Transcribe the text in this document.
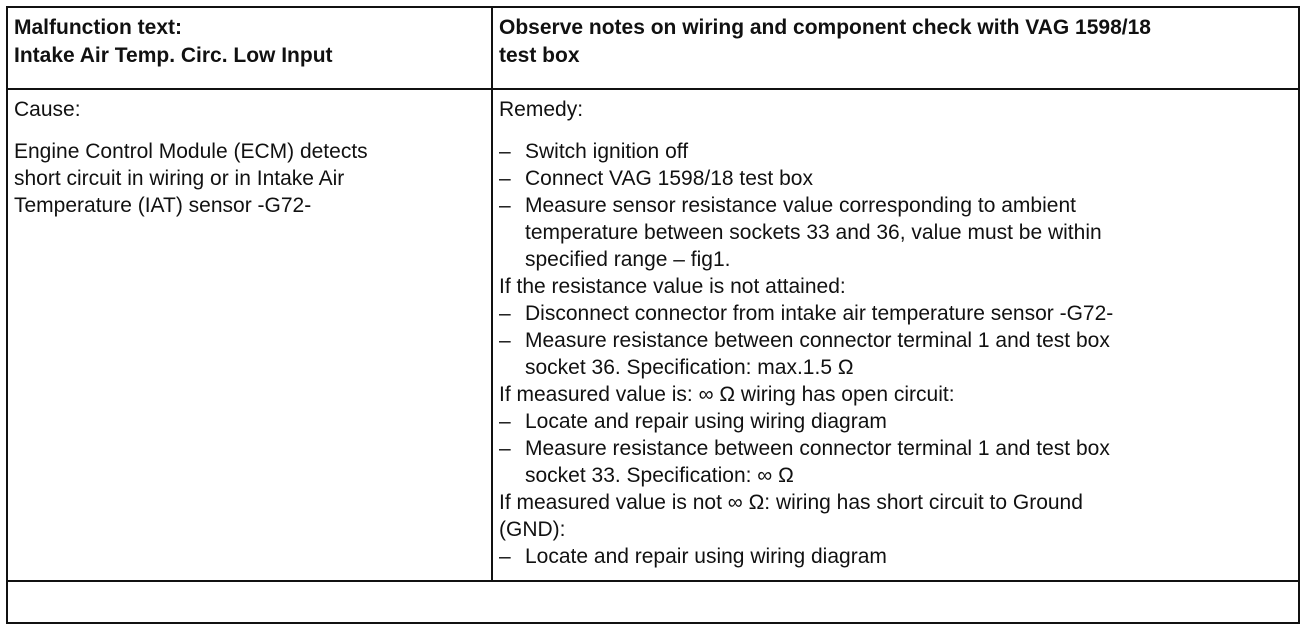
Malfunction text:
Intake Air Temp. Circ. Low Input
Observe notes on wiring and component check with VAG 1598/18
test box
Cause:
Engine Control Module (ECM) detects
short circuit in wiring or in Intake Air
Temperature (IAT) sensor -G72-
Remedy:
– Switch ignition off
– Connect VAG 1598/18 test box
– Measure sensor resistance value corresponding to ambient
temperature between sockets 33 and 36, value must be within
specified range – fig1.
If the resistance value is not attained:
– Disconnect connector from intake air temperature sensor -G72-
– Measure resistance between connector terminal 1 and test box
socket 36. Specification: max.1.5 Ω
If measured value is: ∞ Ω wiring has open circuit:
– Locate and repair using wiring diagram
– Measure resistance between connector terminal 1 and test box
socket 33. Specification: ∞ Ω
If measured value is not ∞ Ω: wiring has short circuit to Ground
(GND):
– Locate and repair using wiring diagram
